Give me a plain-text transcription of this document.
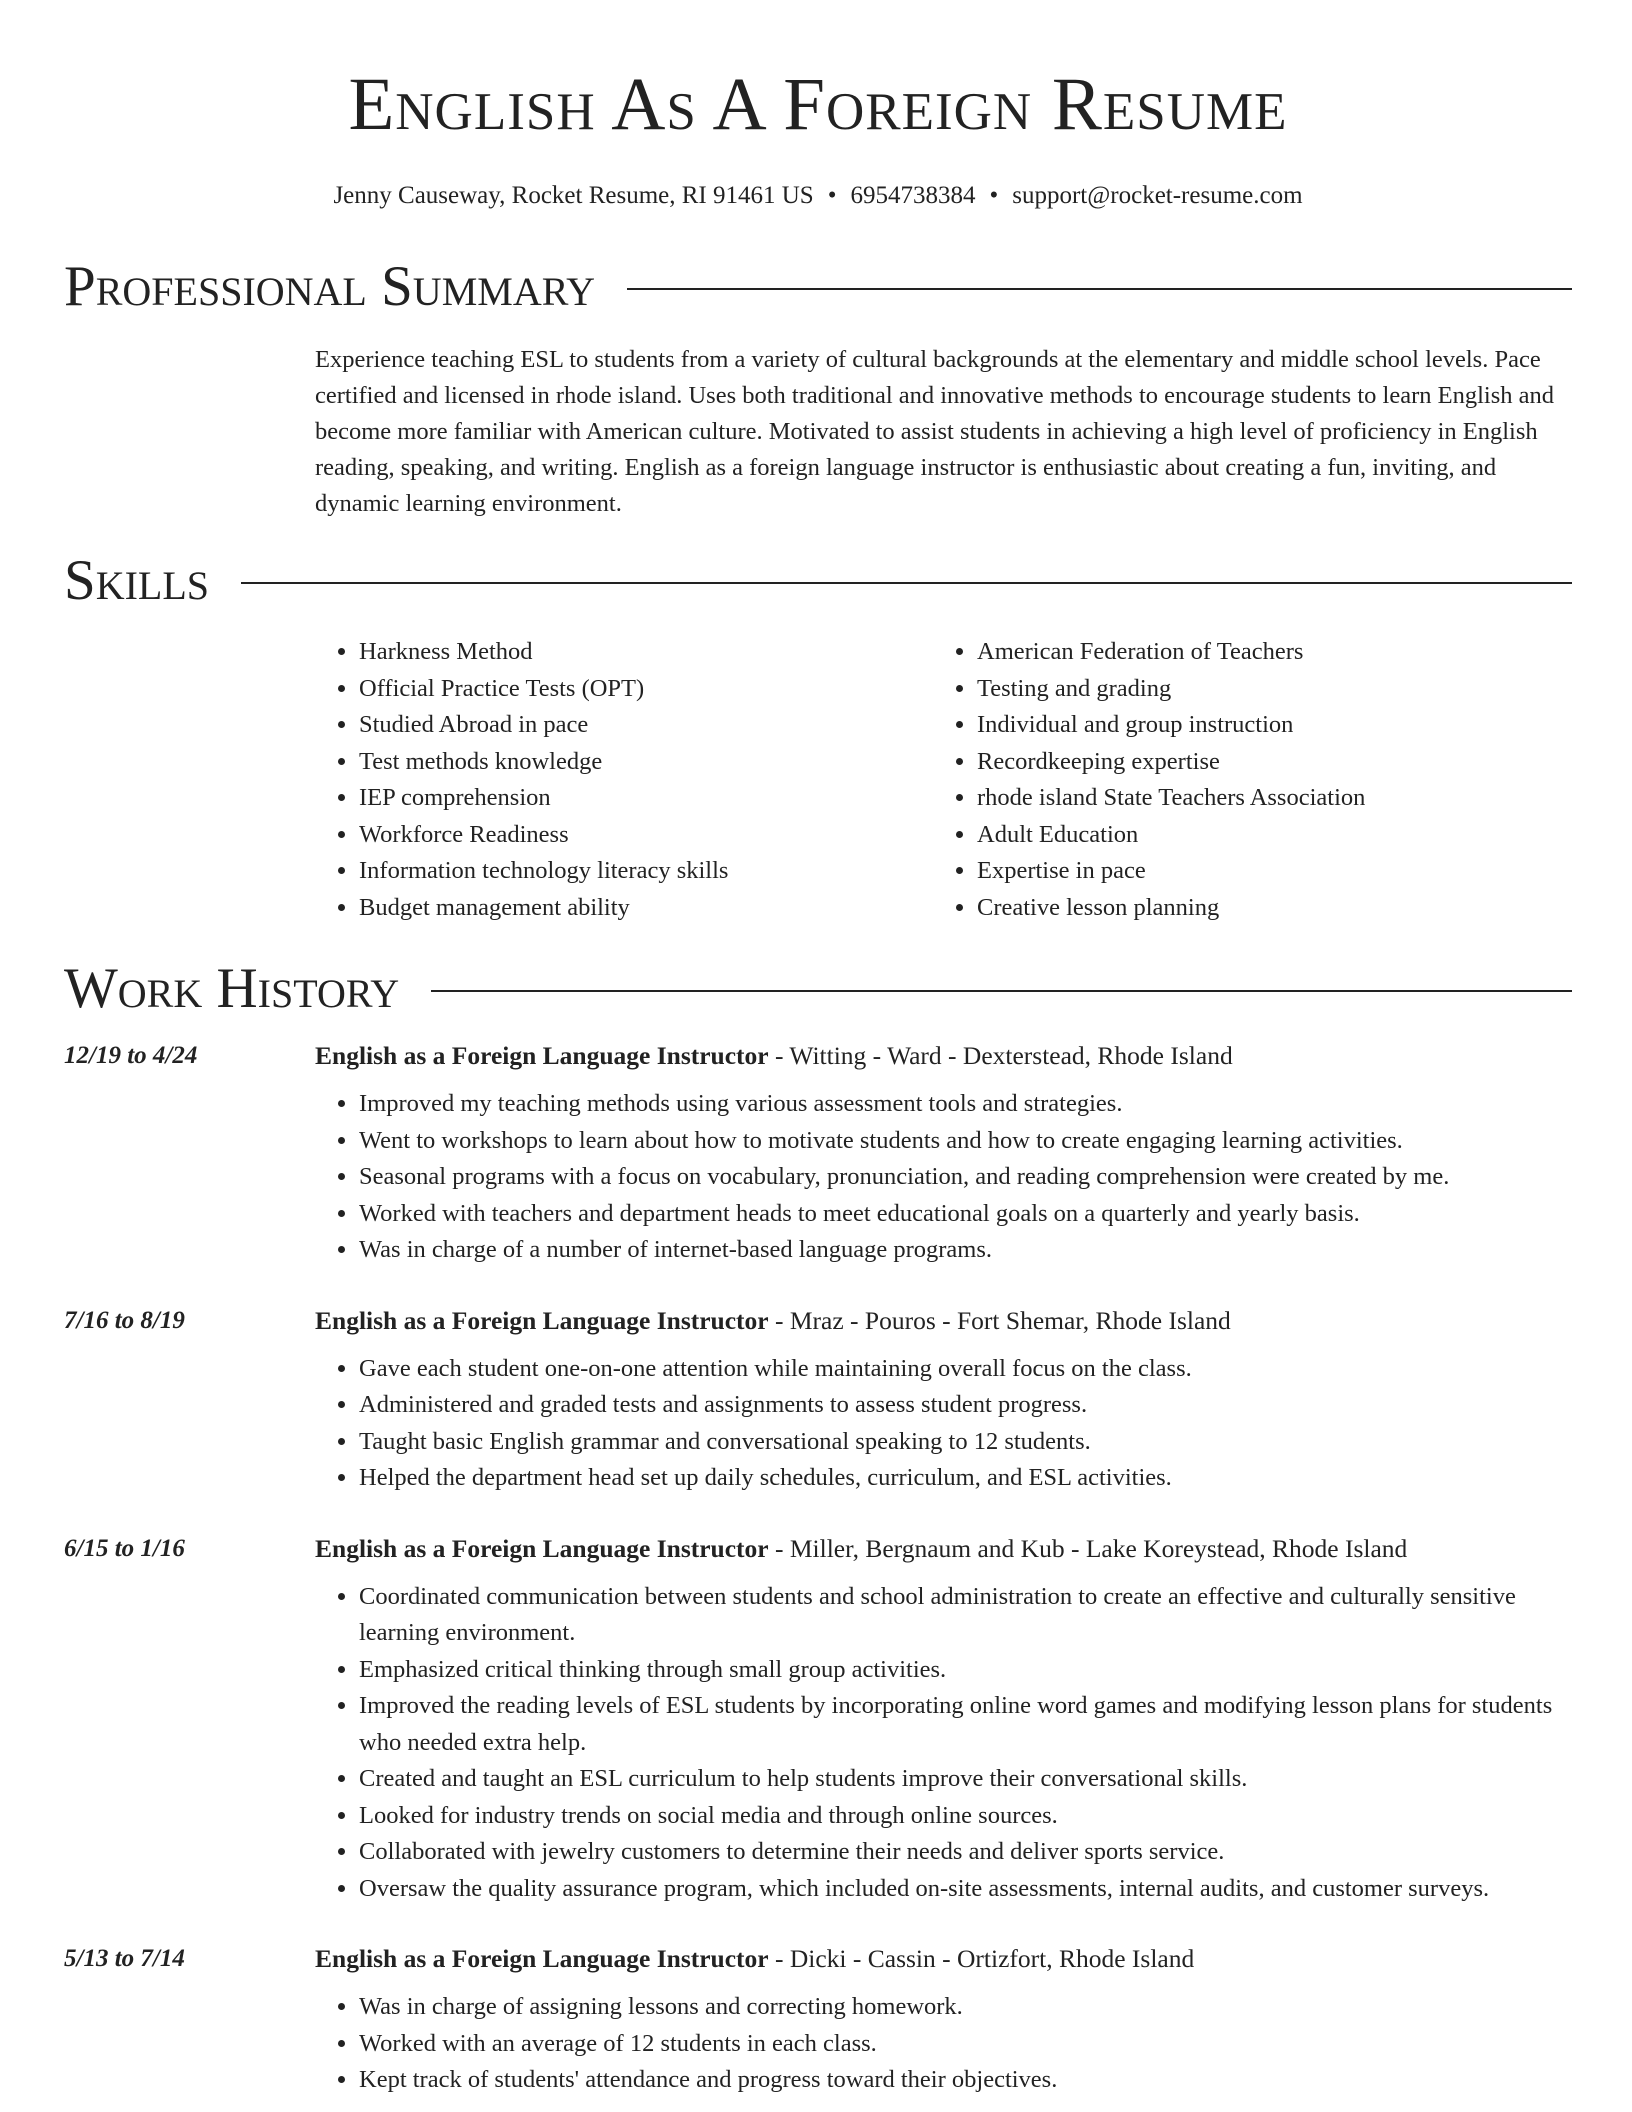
English As A Foreign Resume
Jenny Causeway, Rocket Resume, RI 91461 US • 6954738384 • support@rocket-resume.com
Professional Summary

Experience teaching ESL to students from a variety of cultural backgrounds at the elementary and middle school levels. Pace certified and licensed in rhode island. Uses both traditional and innovative methods to encourage students to learn English and become more familiar with American culture. Motivated to assist students in achieving a high level of proficiency in English reading, speaking, and writing. English as a foreign language instructor is enthusiastic about creating a fun, inviting, and dynamic learning environment.

Skills
• Harkness Method
• Official Practice Tests (OPT)
• Studied Abroad in pace
• Test methods knowledge
• IEP comprehension
• Workforce Readiness
• Information technology literacy skills
• Budget management ability
• American Federation of Teachers
• Testing and grading
• Individual and group instruction
• Recordkeeping expertise
• rhode island State Teachers Association
• Adult Education
• Expertise in pace
• Creative lesson planning
Work History
12/19 to 4/24	English as a Foreign Language Instructor - Witting - Ward - Dexterstead, Rhode Island
• Improved my teaching methods using various assessment tools and strategies.
• Went to workshops to learn about how to motivate students and how to create engaging learning activities.
• Seasonal programs with a focus on vocabulary, pronunciation, and reading comprehension were created by me.
• Worked with teachers and department heads to meet educational goals on a quarterly and yearly basis.
• Was in charge of a number of internet-based language programs.
7/16 to 8/19	English as a Foreign Language Instructor - Mraz - Pouros - Fort Shemar, Rhode Island
• Gave each student one-on-one attention while maintaining overall focus on the class.
• Administered and graded tests and assignments to assess student progress.
• Taught basic English grammar and conversational speaking to 12 students.
• Helped the department head set up daily schedules, curriculum, and ESL activities.
6/15 to 1/16	English as a Foreign Language Instructor - Miller, Bergnaum and Kub - Lake Koreystead, Rhode Island
• Coordinated communication between students and school administration to create an effective and culturally sensitive learning environment.
• Emphasized critical thinking through small group activities.
• Improved the reading levels of ESL students by incorporating online word games and modifying lesson plans for students who needed extra help.
• Created and taught an ESL curriculum to help students improve their conversational skills.
• Looked for industry trends on social media and through online sources.
• Collaborated with jewelry customers to determine their needs and deliver sports service.
• Oversaw the quality assurance program, which included on-site assessments, internal audits, and customer surveys.
5/13 to 7/14	English as a Foreign Language Instructor - Dicki - Cassin - Ortizfort, Rhode Island
• Was in charge of assigning lessons and correcting homework.
• Worked with an average of 12 students in each class.
• Kept track of students' attendance and progress toward their objectives.
